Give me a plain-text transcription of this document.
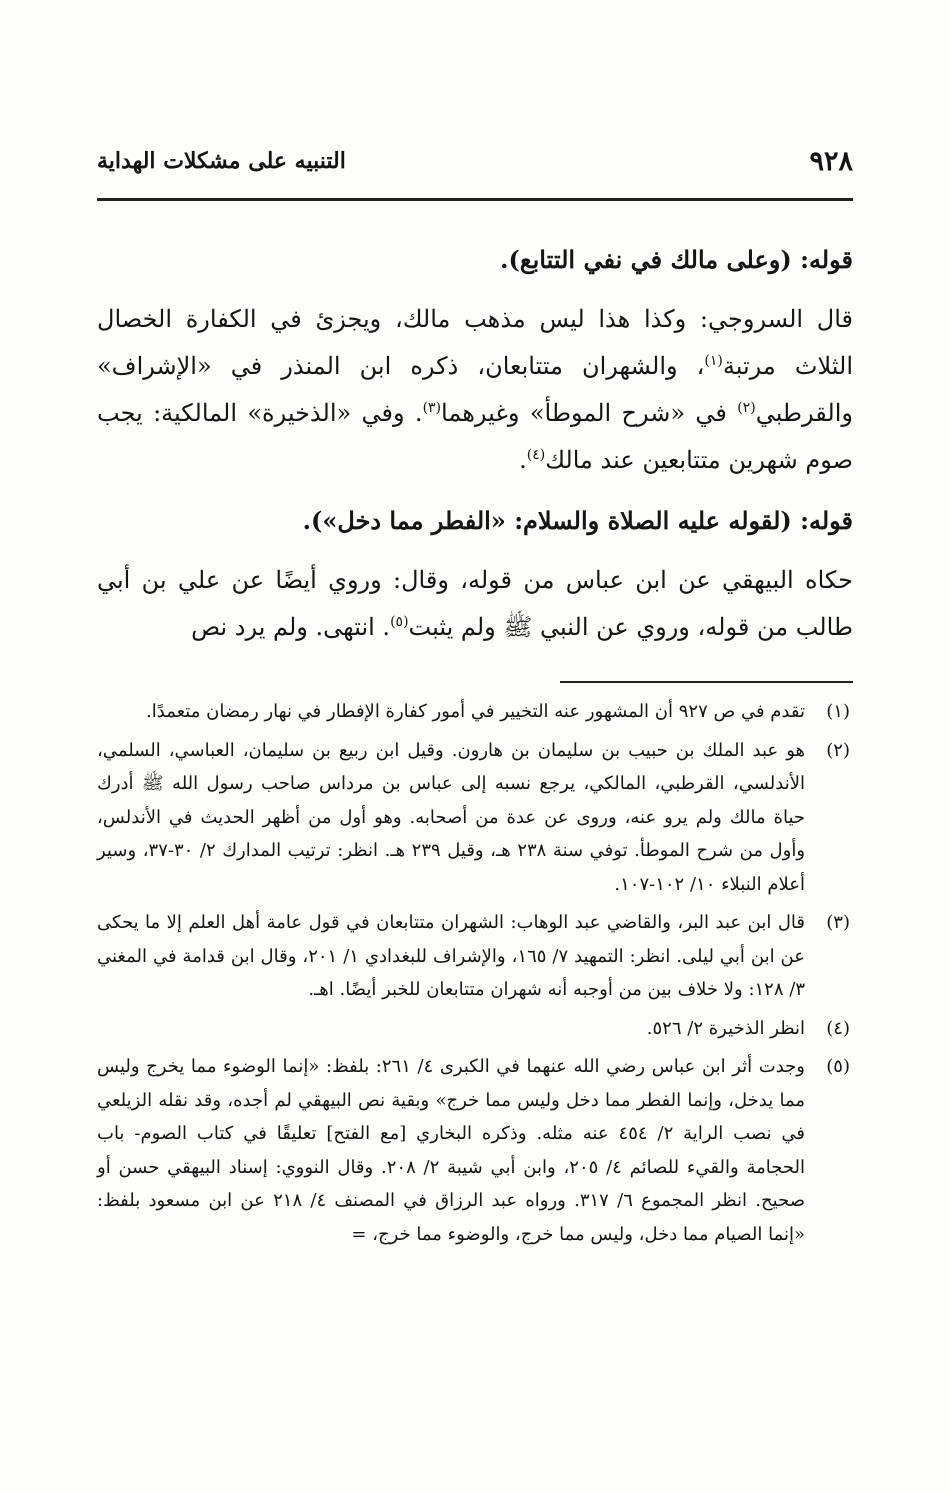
٩٢٨
التنبيه على مشكلات الهداية

قوله: (وعلى مالك في نفي التتابع).

قال السروجي: وكذا هذا ليس مذهب مالك، ويجزئ في الكفارة الخصال الثلاث مرتبة$^{(١)}$، والشهران متتابعان، ذكره ابن المنذر في «الإشراف» والقرطبي$^{(٢)}$ في «شرح الموطأ» وغيرهما$^{(٣)}$. وفي «الذخيرة» المالكية: يجب صوم شهرين متتابعين عند مالك$^{(٤)}$.

قوله: (لقوله عليه الصلاة والسلام: «الفطر مما دخل»).

حكاه البيهقي عن ابن عباس من قوله، وقال: وروي أيضًا عن علي بن أبي طالب من قوله، وروي عن النبي ﷺ ولم يثبت$^{(٥)}$. انتهى. ولم يرد نص

(١)
تقدم في ص ٩٢٧ أن المشهور عنه التخيير في أمور كفارة الإفطار في نهار رمضان متعمدًا.
(٢)
هو عبد الملك بن حبيب بن سليمان بن هارون. وقيل ابن ربيع بن سليمان، العباسي، السلمي، الأندلسي، القرطبي، المالكي، يرجع نسبه إلى عباس بن مرداس صاحب رسول الله ﷺ أدرك حياة مالك ولم يرو عنه، وروى عن عدة من أصحابه. وهو أول من أظهر الحديث في الأندلس، وأول من شرح الموطأ. توفي سنة ٢٣٨ هـ، وقيل ٢٣٩ هـ. انظر: ترتيب المدارك ٢/ ٣٠-٣٧، وسير أعلام النبلاء ١٠/ ١٠٢-١٠٧.
(٣)
قال ابن عبد البر، والقاضي عبد الوهاب: الشهران متتابعان في قول عامة أهل العلم إلا ما يحكى عن ابن أبي ليلى. انظر: التمهيد ٧/ ١٦٥، والإشراف للبغدادي ١/ ٢٠١، وقال ابن قدامة في المغني ٣/ ١٢٨: ولا خلاف بين من أوجبه أنه شهران متتابعان للخبر أيضًا. اهـ.
(٤)
انظر الذخيرة ٢/ ٥٢٦.
(٥)
وجدت أثر ابن عباس رضي الله عنهما في الكبرى ٤/ ٢٦١: بلفظ: «إنما الوضوء مما يخرج وليس مما يدخل، وإنما الفطر مما دخل وليس مما خرج» وبقية نص البيهقي لم أجده، وقد نقله الزيلعي في نصب الراية ٢/ ٤٥٤ عنه مثله. وذكره البخاري [مع الفتح] تعليقًا في كتاب الصوم- باب الحجامة والقيء للصائم ٤/ ٢٠٥، وابن أبي شيبة ٢/ ٢٠٨. وقال النووي: إسناد البيهقي حسن أو صحيح. انظر المجموع ٦/ ٣١٧. ورواه عبد الرزاق في المصنف ٤/ ٢١٨ عن ابن مسعود بلفظ: «إنما الصيام مما دخل، وليس مما خرج، والوضوء مما خرج، =
